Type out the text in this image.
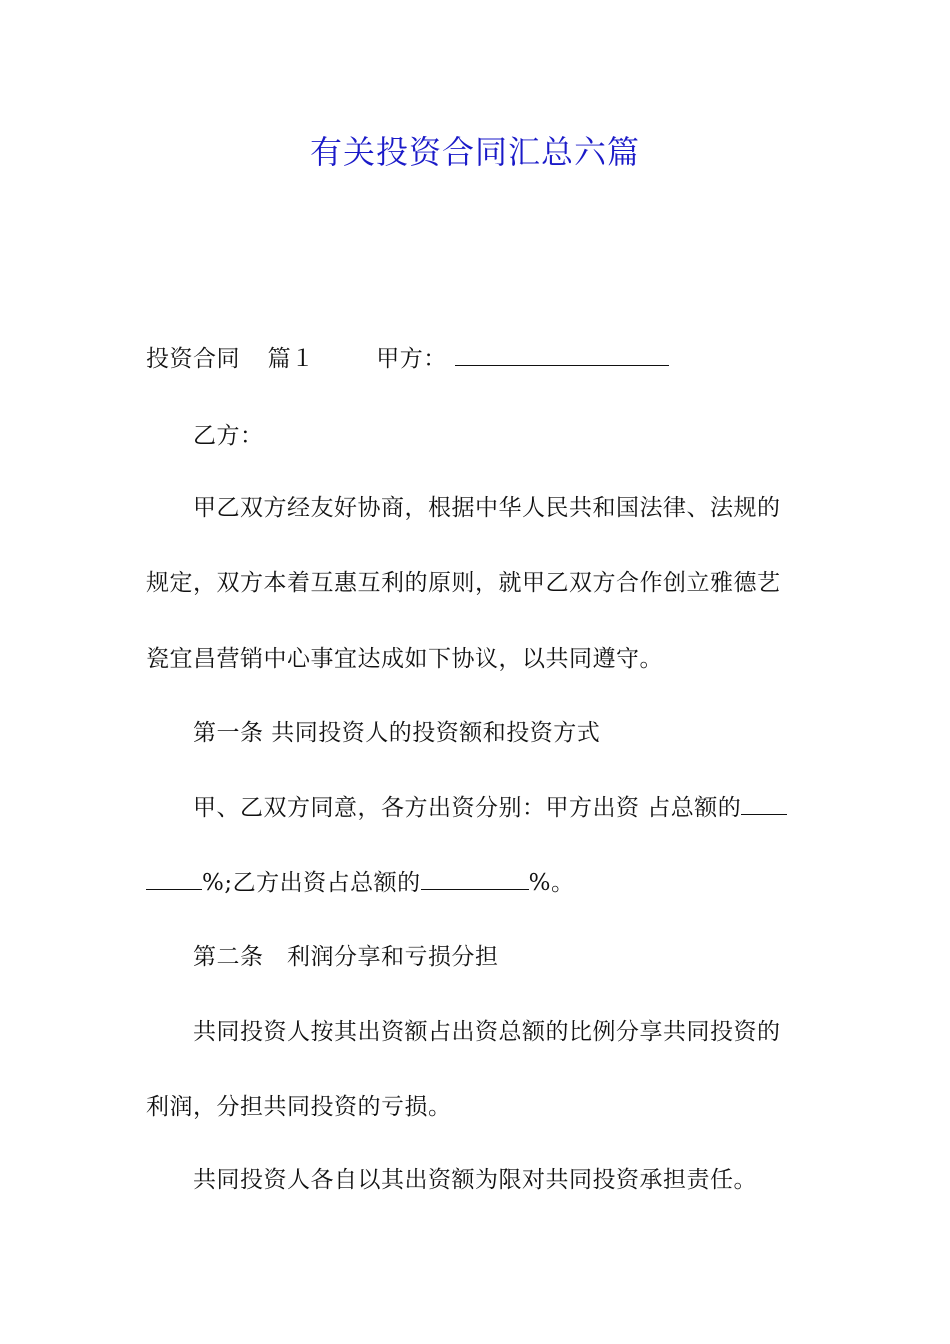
有关投资合同汇总六篇
投资合同 篇１	甲方：
乙方：
甲乙双方经友好协商，根据中华人民共和国法律、法规的
规定，双方本着互惠互利的原则，就甲乙双方合作创立雅德艺
瓷宜昌营销中心事宜达成如下协议，以共同遵守。
第一条 共同投资人的投资额和投资方式
甲、乙双方同意，各方出资分别：甲方出资 占总额的
%;乙方出资占总额的	%。
第二条　利润分享和亏损分担
共同投资人按其出资额占出资总额的比例分享共同投资的
利润，分担共同投资的亏损。
共同投资人各自以其出资额为限对共同投资承担责任。
